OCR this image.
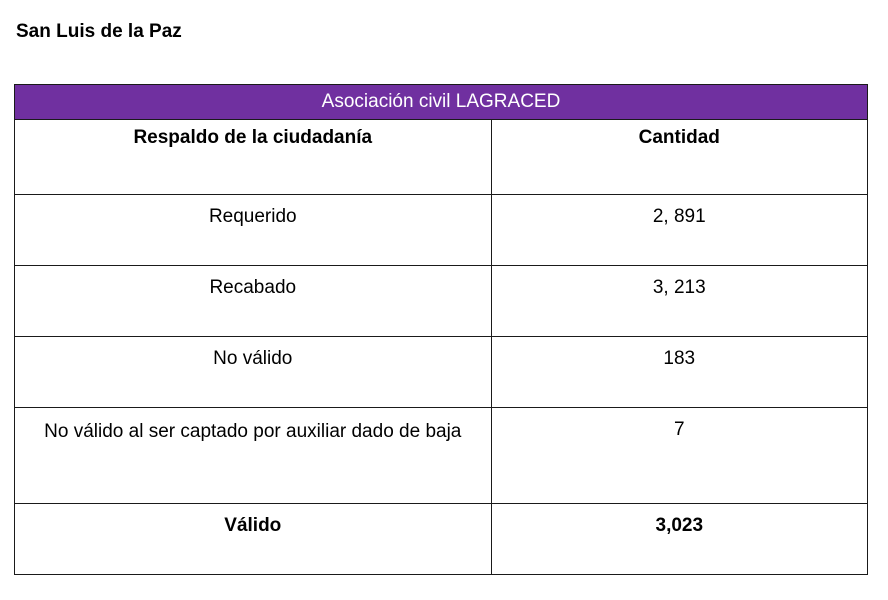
San Luis de la Paz
Asociación civil LAGRACED	
Respaldo de la ciudadanía	Cantidad
Requerido	2, 891
Recabado	3, 213
No válido	183
No válido al ser captado por auxiliar dado de baja	7
Válido	3,023
